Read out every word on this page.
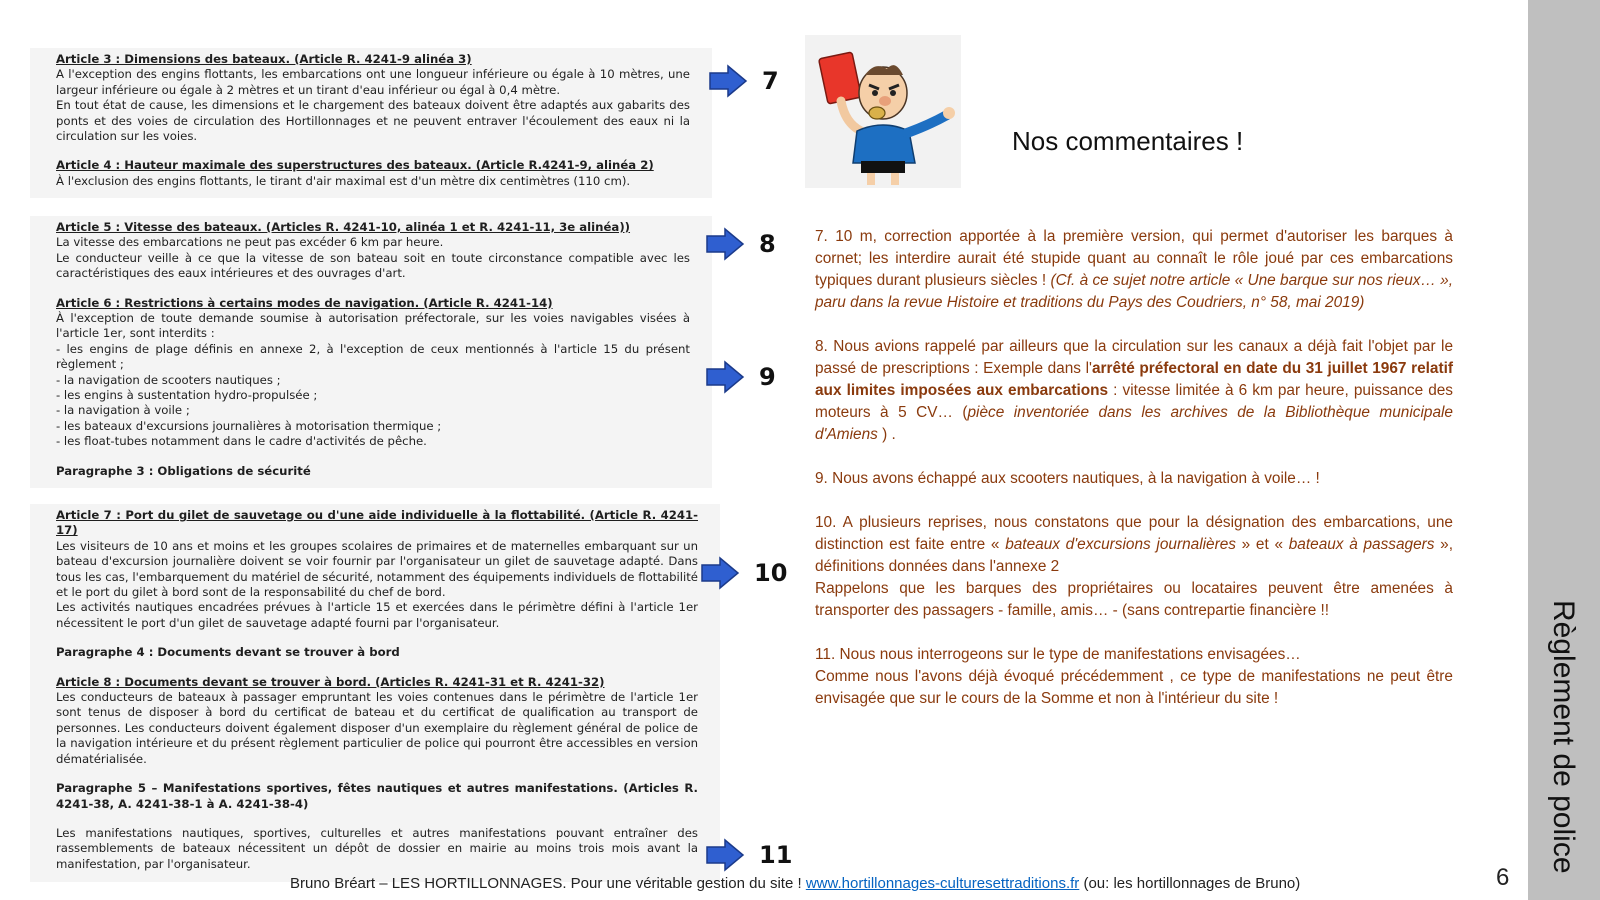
Article 3 : Dimensions des bateaux. (Article R. 4241-9 alinéa 3)
A l'exception des engins flottants, les embarcations ont une longueur inférieure ou égale à 10 mètres, une largeur inférieure ou égale à 2 mètres et un tirant d'eau inférieur ou égal à 0,4 mètre.
En tout état de cause, les dimensions et le chargement des bateaux doivent être adaptés aux gabarits des ponts et des voies de circulation des Hortillonnages et ne peuvent entraver l'écoulement des eaux ni la circulation sur les voies.
Article 4 : Hauteur maximale des superstructures des bateaux. (Article R.4241-9, alinéa 2)
À l'exclusion des engins flottants, le tirant d'air maximal est d'un mètre dix centimètres (110 cm).
Article 5 : Vitesse des bateaux. (Articles R. 4241-10, alinéa 1 et R. 4241-11, 3e alinéa))
La vitesse des embarcations ne peut pas excéder 6 km par heure.
Le conducteur veille à ce que la vitesse de son bateau soit en toute circonstance compatible avec les caractéristiques des eaux intérieures et des ouvrages d'art.
Article 6 : Restrictions à certains modes de navigation. (Article R. 4241-14)
À l'exception de toute demande soumise à autorisation préfectorale, sur les voies navigables visées à l'article 1er, sont interdits :
- les engins de plage définis en annexe 2, à l'exception de ceux mentionnés à l'article 15 du présent règlement ;
- la navigation de scooters nautiques ;
- les engins à sustentation hydro-propulsée ;
- la navigation à voile ;
- les bateaux d'excursions journalières à motorisation thermique ;
- les float-tubes notamment dans le cadre d'activités de pêche.
Paragraphe 3 : Obligations de sécurité
Article 7 : Port du gilet de sauvetage ou d'une aide individuelle à la flottabilité. (Article R. 4241-17)
Les visiteurs de 10 ans et moins et les groupes scolaires de primaires et de maternelles embarquant sur un bateau d'excursion journalière doivent se voir fournir par l'organisateur un gilet de sauvetage adapté. Dans tous les cas, l'embarquement du matériel de sécurité, notamment des équipements individuels de flottabilité et le port du gilet à bord sont de la responsabilité du chef de bord.
Les activités nautiques encadrées prévues à l'article 15 et exercées dans le périmètre défini à l'article 1er nécessitent le port d'un gilet de sauvetage adapté fourni par l'organisateur.
Paragraphe 4 : Documents devant se trouver à bord
Article 8 : Documents devant se trouver à bord. (Articles R. 4241-31 et R. 4241-32)
Les conducteurs de bateaux à passager empruntant les voies contenues dans le périmètre de l'article 1er sont tenus de disposer à bord du certificat de bateau et du certificat de qualification au transport de personnes. Les conducteurs doivent également disposer d'un exemplaire du règlement général de police de la navigation intérieure et du présent règlement particulier de police qui pourront être accessibles en version dématérialisée.
Paragraphe 5 – Manifestations sportives, fêtes nautiques et autres manifestations. (Articles R. 4241-38, A. 4241-38-1 à A. 4241-38-4)
Les manifestations nautiques, sportives, culturelles et autres manifestations pouvant entraîner des rassemblements de bateaux nécessitent un dépôt de dossier en mairie au moins trois mois avant la manifestation, par l'organisateur.
7
8
9
10
11
Nos commentaires !

7. 10 m, correction apportée à la première version, qui permet d'autoriser les barques à cornet; les interdire aurait été stupide quant au connaît le rôle joué par ces embarcations typiques durant plusieurs siècles ! (Cf. à ce sujet notre article « Une barque sur nos rieux… », paru dans la revue Histoire et traditions du Pays des Coudriers, n° 58, mai 2019)

8. Nous avions rappelé par ailleurs que la circulation sur les canaux a déjà fait l'objet par le passé de prescriptions : Exemple dans l'arrêté préfectoral en date du 31 juillet 1967 relatif aux limites imposées aux embarcations : vitesse limitée à 6 km par heure, puissance des moteurs à 5 CV… (pièce inventoriée dans les archives de la Bibliothèque municipale d'Amiens ) .

9. Nous avons échappé aux scooters nautiques, à la navigation à voile… !

10. A plusieurs reprises, nous constatons que pour la désignation des embarcations, une distinction est faite entre « bateaux d'excursions journalières » et « bateaux à passagers », définitions données dans l'annexe 2
Rappelons que les barques des propriétaires ou locataires peuvent être amenées à transporter des passagers - famille, amis… - (sans contrepartie financière !!

11. Nous nous interrogeons sur le type de manifestations envisagées…
Comme nous l'avons déjà évoqué précédemment , ce type de manifestations ne peut être envisagée que sur le cours de la Somme et non à l'intérieur du site !	Règlement de police
6
Bruno Bréart – LES HORTILLONNAGES. Pour une véritable gestion du site ! www.hortillonnages-culturesettraditions.fr (ou: les hortillonnages de Bruno)
